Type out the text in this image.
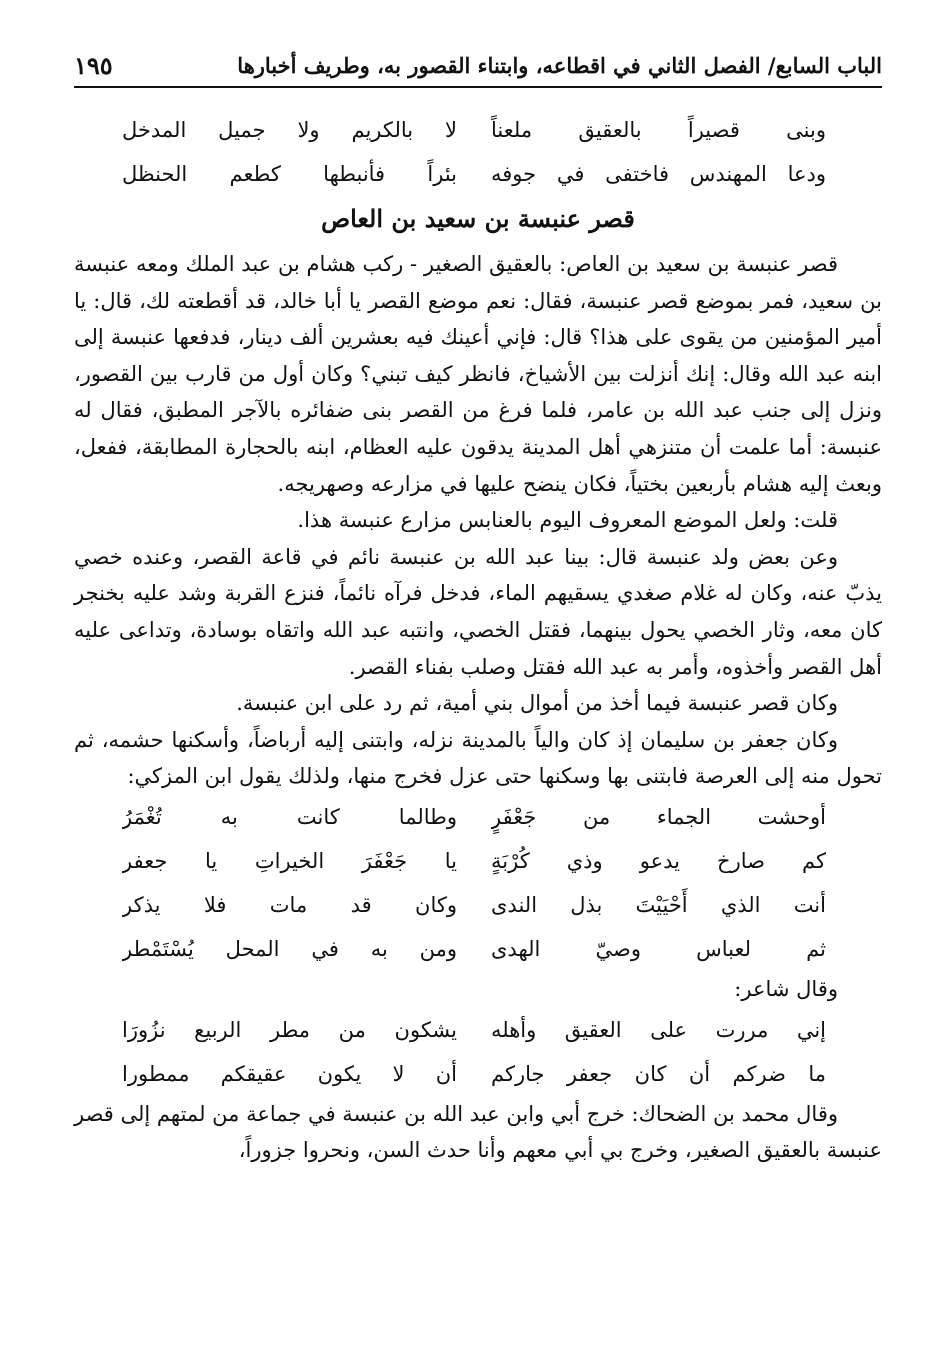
الباب السابع/ الفصل الثاني في اقطاعه، وابتناء القصور به، وطريف أخبارها
١٩٥
وبنى قصيراً بالعقيق ملعناً
لا بالكريم ولا جميل المدخل
ودعا المهندس فاختفى في جوفه
بئراً فأنبطها كطعم الحنظل
قصر عنبسة بن سعيد بن العاص

قصر عنبسة بن سعيد بن العاص: بالعقيق الصغير - ركب هشام بن عبد الملك ومعه عنبسة بن سعيد، فمر بموضع قصر عنبسة، فقال: نعم موضع القصر يا أبا خالد، قد أقطعته لك، قال: يا أمير المؤمنين من يقوى على هذا؟ قال: فإني أعينك فيه بعشرين ألف دينار، فدفعها عنبسة إلى ابنه عبد الله وقال: إنك أنزلت بين الأشياخ، فانظر كيف تبني؟ وكان أول من قارب بين القصور، ونزل إلى جنب عبد الله بن عامر، فلما فرغ من القصر بنى ضفائره بالآجر المطبق، فقال له عنبسة: أما علمت أن متنزهي أهل المدينة يدقون عليه العظام، ابنه بالحجارة المطابقة، ففعل، وبعث إليه هشام بأربعين بختياً، فكان ينضح عليها في مزارعه وصهريجه.

قلت: ولعل الموضع المعروف اليوم بالعنابس مزارع عنبسة هذا.

وعن بعض ولد عنبسة قال: بينا عبد الله بن عنبسة نائم في قاعة القصر، وعنده خصي يذبّ عنه، وكان له غلام صغدي يسقيهم الماء، فدخل فرآه نائماً، فنزع القربة وشد عليه بخنجر كان معه، وثار الخصي يحول بينهما، فقتل الخصي، وانتبه عبد الله واتقاه بوسادة، وتداعى عليه أهل القصر وأخذوه، وأمر به عبد الله فقتل وصلب بفناء القصر.

وكان قصر عنبسة فيما أخذ من أموال بني أمية، ثم رد على ابن عنبسة.

وكان جعفر بن سليمان إذ كان والياً بالمدينة نزله، وابتنى إليه أرباضاً، وأسكنها حشمه، ثم تحول منه إلى العرصة فابتنى بها وسكنها حتى عزل فخرج منها، ولذلك يقول ابن المزكي:

أوحشت الجماء من جَعْفَرٍ
وطالما كانت به تُغْمَرُ
كم صارخ يدعو وذي كُرْبَةٍ
يا جَعْفَرَ الخيراتِ يا جعفر
أنت الذي أَحْيَيْتَ بذل الندى
وكان قد مات فلا يذكر
ثم لعباس وصيّ الهدى
ومن به في المحل يُسْتَمْطر

وقال شاعر:

إني مررت على العقيق وأهله
يشكون من مطر الربيع نزُورَا
ما ضركم أن كان جعفر جاركم
أن لا يكون عقيقكم ممطورا

وقال محمد بن الضحاك: خرج أبي وابن عبد الله بن عنبسة في جماعة من لمتهم إلى قصر عنبسة بالعقيق الصغير، وخرج بي أبي معهم وأنا حدث السن، ونحروا جزوراً،
